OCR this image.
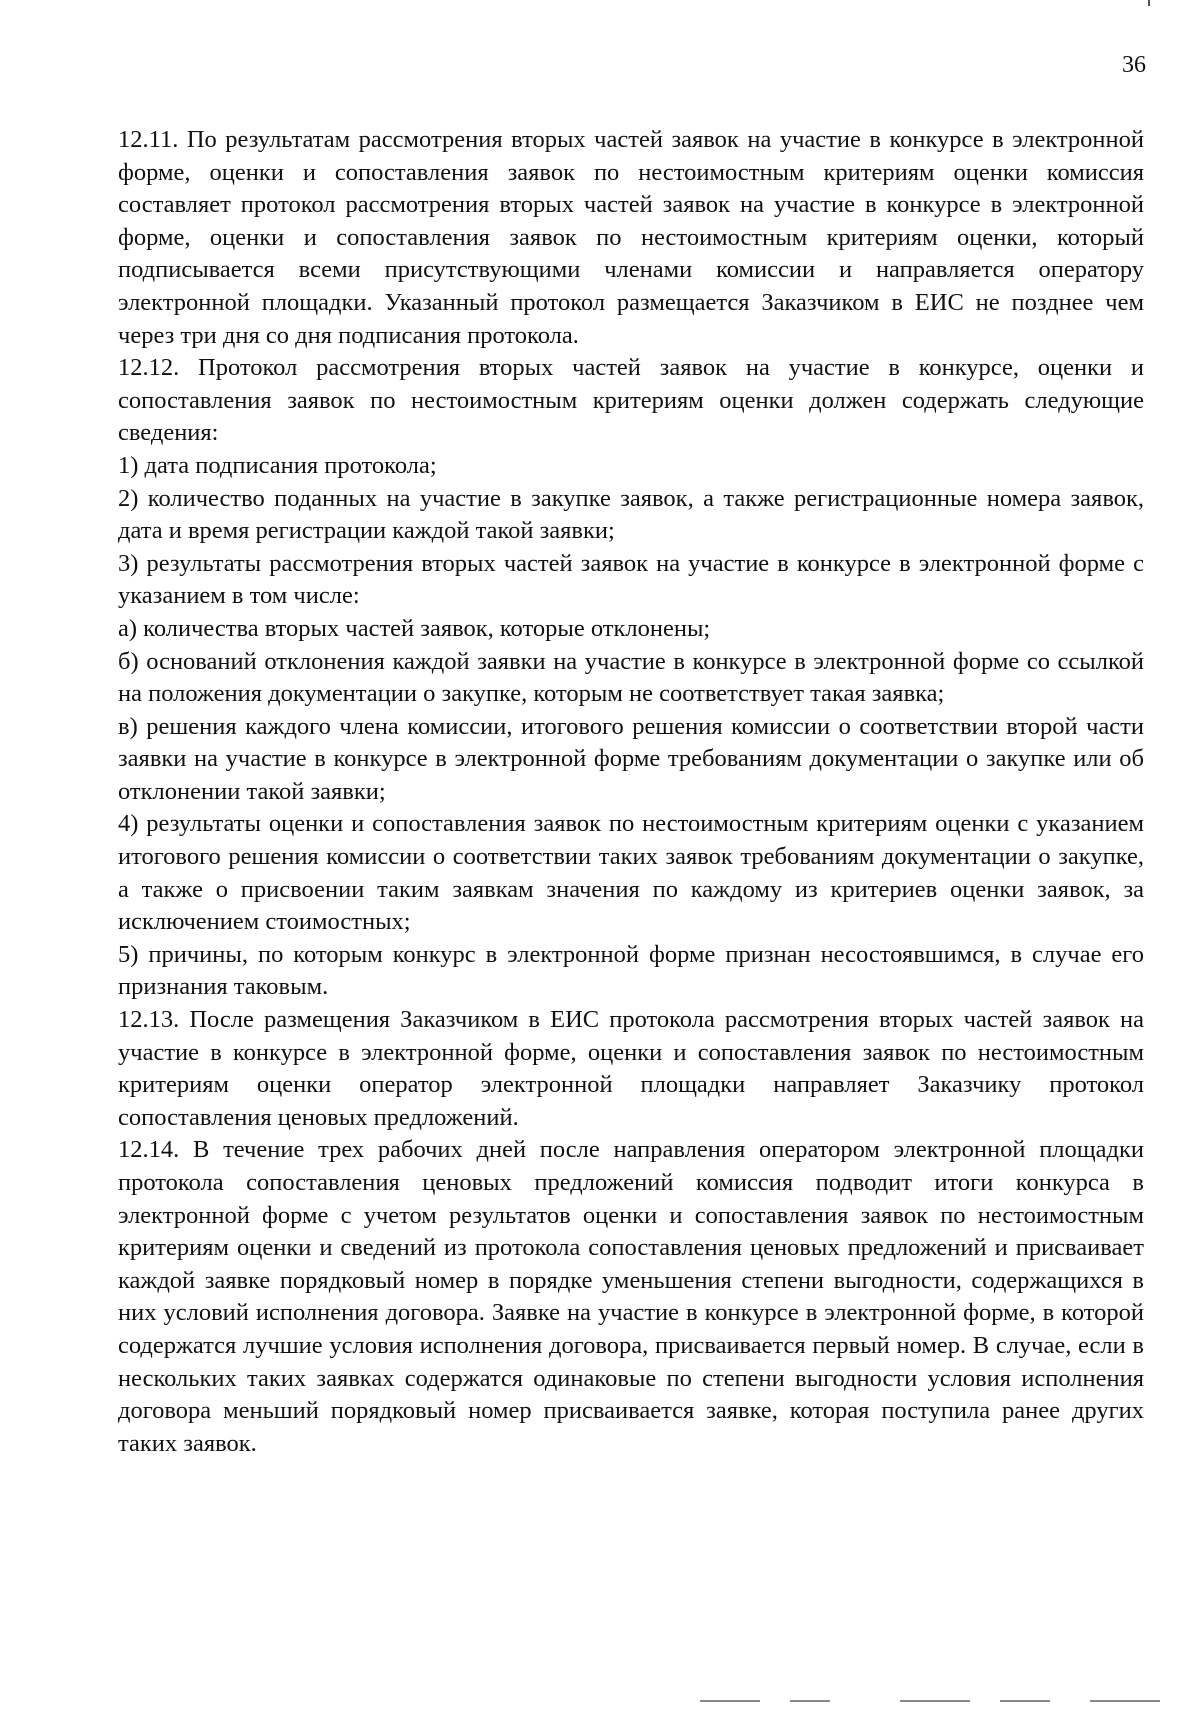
36

12.11. По результатам рассмотрения вторых частей заявок на участие в конкурсе в электронной форме, оценки и сопоставления заявок по нестоимостным критериям оценки комиссия составляет протокол рассмотрения вторых частей заявок на участие в конкурсе в электронной форме, оценки и сопоставления заявок по нестоимостным критериям оценки, который подписывается всеми присутствующими членами комиссии и направляется оператору электронной площадки. Указанный протокол размещается Заказчиком в ЕИС не позднее чем через три дня со дня подписания протокола.

12.12. Протокол рассмотрения вторых частей заявок на участие в конкурсе, оценки и сопоставления заявок по нестоимостным критериям оценки должен содержать следующие сведения:

1) дата подписания протокола;

2) количество поданных на участие в закупке заявок, а также регистрационные номера заявок, дата и время регистрации каждой такой заявки;

3) результаты рассмотрения вторых частей заявок на участие в конкурсе в электронной форме с указанием в том числе:

а) количества вторых частей заявок, которые отклонены;

б) оснований отклонения каждой заявки на участие в конкурсе в электронной форме со ссылкой на положения документации о закупке, которым не соответствует такая заявка;

в) решения каждого члена комиссии, итогового решения комиссии о соответствии второй части заявки на участие в конкурсе в электронной форме требованиям документации о закупке или об отклонении такой заявки;

4) результаты оценки и сопоставления заявок по нестоимостным критериям оценки с указанием итогового решения комиссии о соответствии таких заявок требованиям документации о закупке, а также о присвоении таким заявкам значения по каждому из критериев оценки заявок, за исключением стоимостных;

5) причины, по которым конкурс в электронной форме признан несостоявшимся, в случае его признания таковым.

12.13. После размещения Заказчиком в ЕИС протокола рассмотрения вторых частей заявок на участие в конкурсе в электронной форме, оценки и сопоставления заявок по нестоимостным критериям оценки оператор электронной площадки направляет Заказчику протокол сопоставления ценовых предложений.

12.14. В течение трех рабочих дней после направления оператором электронной площадки протокола сопоставления ценовых предложений комиссия подводит итоги конкурса в электронной форме с учетом результатов оценки и сопоставления заявок по нестоимостным критериям оценки и сведений из протокола сопоставления ценовых предложений и присваивает каждой заявке порядковый номер в порядке уменьшения степени выгодности, содержащихся в них условий исполнения договора. Заявке на участие в конкурсе в электронной форме, в которой содержатся лучшие условия исполнения договора, присваивается первый номер. В случае, если в нескольких таких заявках содержатся одинаковые по степени выгодности условия исполнения договора меньший порядковый номер присваивается заявке, которая поступила ранее других таких заявок.
